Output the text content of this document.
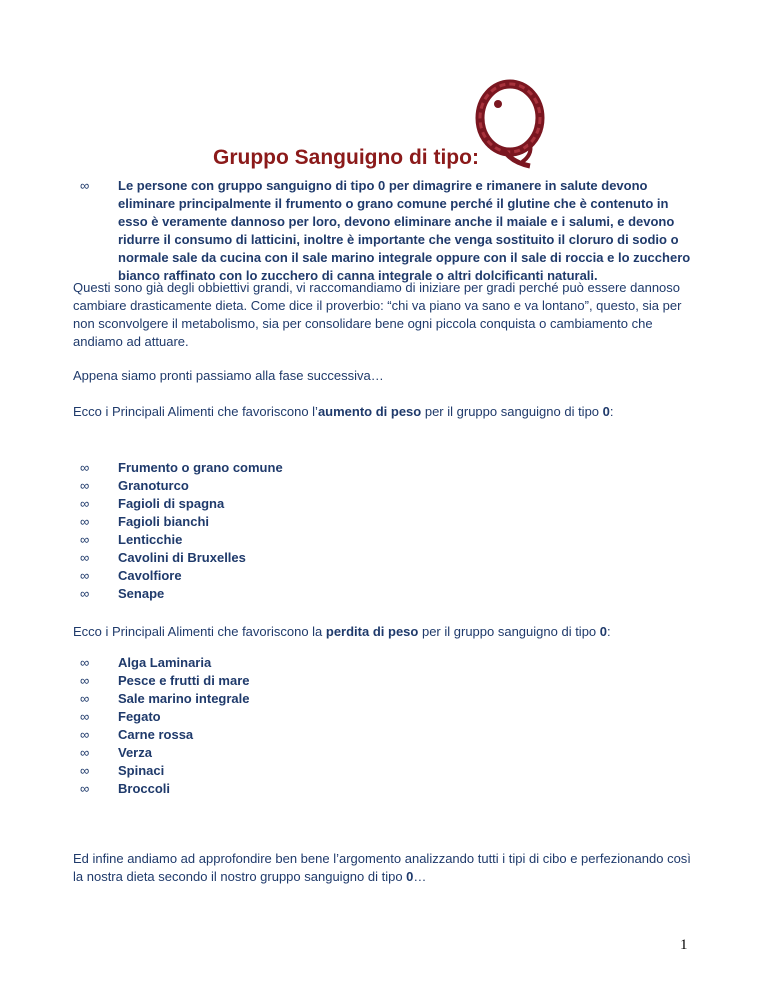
Gruppo Sanguigno di tipo:
∞	Le persone con gruppo sanguigno di tipo 0 per dimagrire e rimanere in salute devono eliminare principalmente il frumento o grano comune perché il glutine che è contenuto in esso è veramente dannoso per loro, devono eliminare anche il maiale e i salumi, e devono ridurre il consumo di latticini, inoltre è importante che venga sostituito il cloruro di sodio o normale sale da cucina con il sale marino integrale oppure con il sale di roccia e lo zucchero bianco raffinato con lo zucchero di canna integrale o altri dolcificanti naturali.
Questi sono già degli obbiettivi grandi, vi raccomandiamo di iniziare per gradi perché può essere dannoso cambiare drasticamente dieta. Come dice il proverbio: “chi va piano va sano e va lontano”, questo, sia per non sconvolgere il metabolismo, sia per consolidare bene ogni piccola conquista o cambiamento che andiamo ad attuare.
Appena siamo pronti passiamo alla fase successiva…
Ecco i Principali Alimenti che favoriscono l’aumento di peso per il gruppo sanguigno di tipo 0:
∞	Frumento o grano comune
∞	Granoturco
∞	Fagioli di spagna
∞	Fagioli bianchi
∞	Lenticchie
∞	Cavolini di Bruxelles
∞	Cavolfiore
∞	Senape
Ecco i Principali Alimenti che favoriscono la perdita di peso per il gruppo sanguigno di tipo 0:
∞	Alga Laminaria
∞	Pesce e frutti di mare
∞	Sale marino integrale
∞	Fegato
∞	Carne rossa
∞	Verza
∞	Spinaci
∞	Broccoli
Ed infine andiamo ad approfondire ben bene l’argomento analizzando tutti i tipi di cibo e perfezionando così la nostra dieta secondo il nostro gruppo sanguigno di tipo 0…
1
